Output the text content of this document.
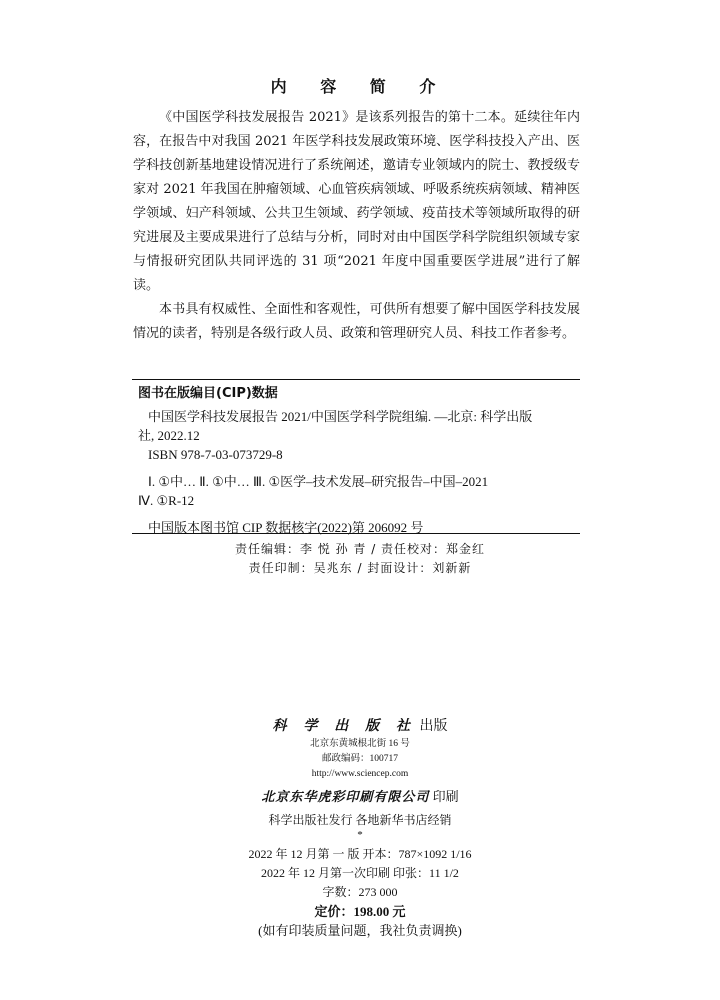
内 容 简 介

《中国医学科技发展报告 2021》是该系列报告的第十二本。延续往年内容，在报告中对我国 2021 年医学科技发展政策环境、医学科技投入产出、医学科技创新基地建设情况进行了系统阐述，邀请专业领域内的院士、教授级专家对 2021 年我国在肿瘤领域、心血管疾病领域、呼吸系统疾病领域、精神医学领域、妇产科领域、公共卫生领域、药学领域、疫苗技术等领域所取得的研究进展及主要成果进行了总结与分析，同时对由中国医学科学院组织领域专家与情报研究团队共同评选的 31 项“2021 年度中国重要医学进展”进行了解读。

本书具有权威性、全面性和客观性，可供所有想要了解中国医学科技发展情况的读者，特别是各级行政人员、政策和管理研究人员、科技工作者参考。

图书在版编目(CIP)数据
中国医学科技发展报告 2021/中国医学科学院组编. —北京: 科学出版
社, 2022.12
ISBN 978-7-03-073729-8
Ⅰ. ①中… Ⅱ. ①中… Ⅲ. ①医学–技术发展–研究报告–中国–2021
Ⅳ. ①R-12
中国版本图书馆 CIP 数据核字(2022)第 206092 号
责任编辑：李 悦 孙 青 / 责任校对：郑金红
责任印制：吴兆东 / 封面设计：刘新新
科 学 出 版 社 出版
北京东黄城根北街 16 号
邮政编码：100717
http://www.sciencep.com
北京东华虎彩印刷有限公司 印刷
科学出版社发行 各地新华书店经销
*
2022 年 12 月第 一 版 开本：787×1092 1/16
2022 年 12 月第一次印刷 印张：11 1/2
字数：273 000
定价：198.00 元
(如有印装质量问题，我社负责调换)
